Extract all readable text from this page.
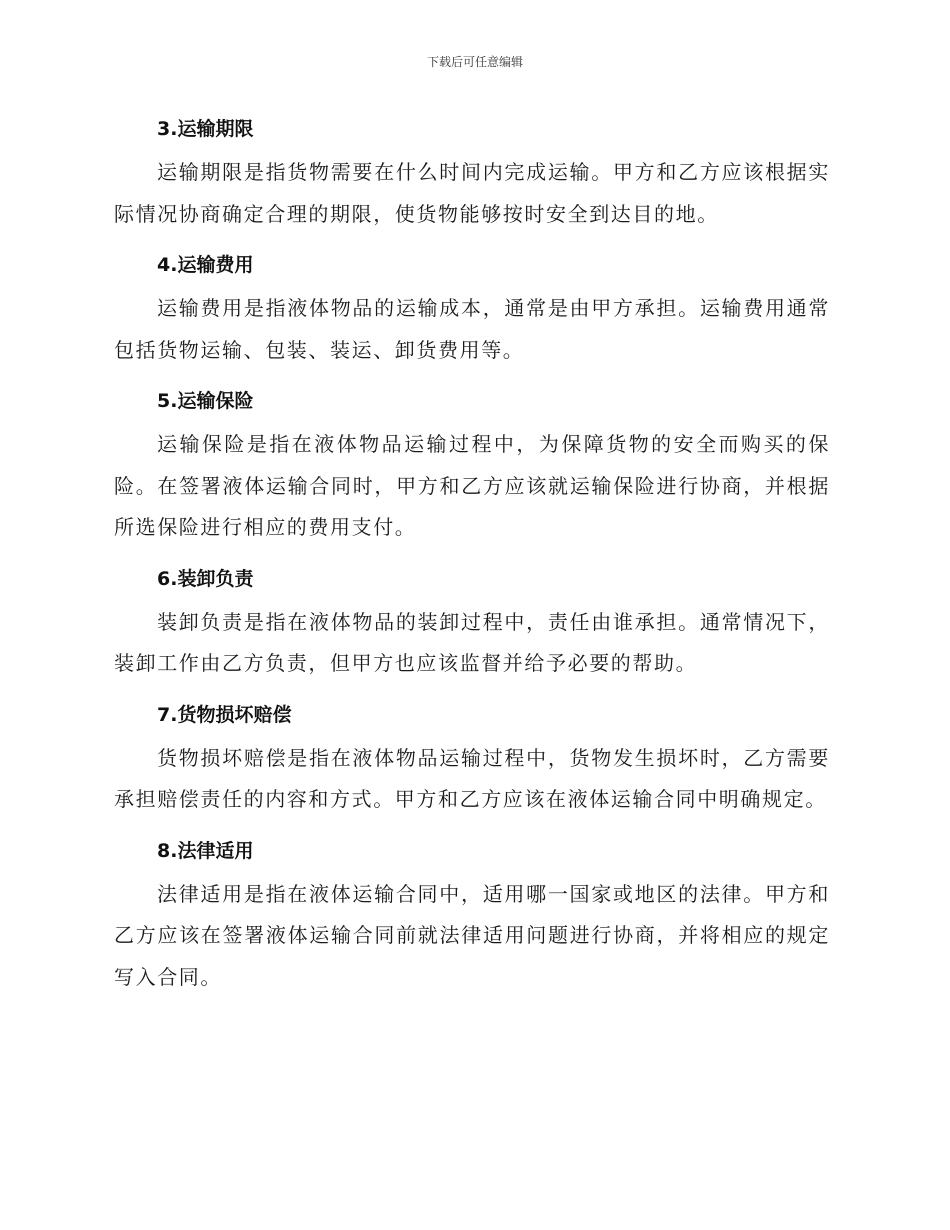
下载后可任意编辑
3.运输期限

运输期限是指货物需要在什么时间内完成运输。甲方和乙方应该根据实际情况协商确定合理的期限，使货物能够按时安全到达目的地。

4.运输费用

运输费用是指液体物品的运输成本，通常是由甲方承担。运输费用通常包括货物运输、包装、装运、卸货费用等。

5.运输保险

运输保险是指在液体物品运输过程中，为保障货物的安全而购买的保险。在签署液体运输合同时，甲方和乙方应该就运输保险进行协商，并根据所选保险进行相应的费用支付。

6.装卸负责

装卸负责是指在液体物品的装卸过程中，责任由谁承担。通常情况下，装卸工作由乙方负责，但甲方也应该监督并给予必要的帮助。

7.货物损坏赔偿

货物损坏赔偿是指在液体物品运输过程中，货物发生损坏时，乙方需要承担赔偿责任的内容和方式。甲方和乙方应该在液体运输合同中明确规定。

8.法律适用

法律适用是指在液体运输合同中，适用哪一国家或地区的法律。甲方和乙方应该在签署液体运输合同前就法律适用问题进行协商，并将相应的规定写入合同。
